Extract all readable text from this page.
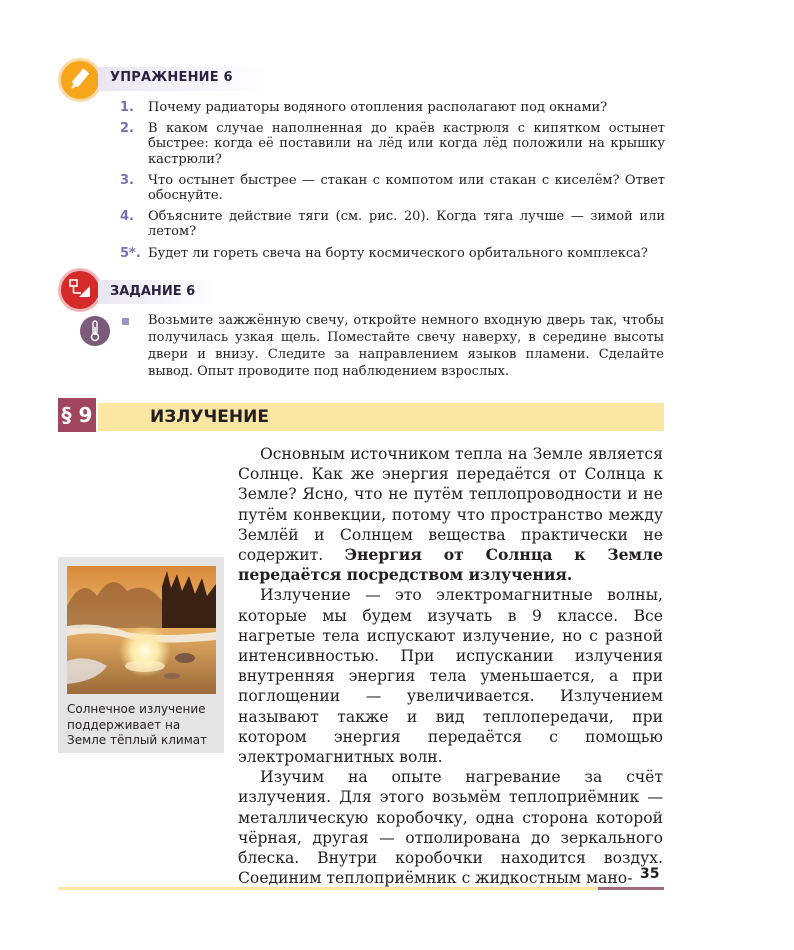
УПРАЖНЕНИЕ 6
1.	Почему радиаторы водяного отопления располагают под окнами?
2.	В каком случае наполненная до краёв кастрюля с кипятком остынет быстрее: когда её поставили на лёд или когда лёд положили на крышку кастрюли?
3.	Что остынет быстрее — стакан с компотом или стакан с киселём? Ответ обоснуйте.
4.	Объясните действие тяги (см. рис. 20). Когда тяга лучше — зимой или летом?
5*. Будет ли гореть свеча на борту космического орбитального комплекса?
ЗАДАНИЕ 6
Возьмите зажжённую свечу, откройте немного входную дверь так, чтобы получилась узкая щель. Поместайте свечу наверху, в середине высоты двери и внизу. Следите за направлением языков пламени. Сделайте вывод. Опыт проводите под наблюдением взрослых.
§ 9	ИЗЛУЧЕНИЕ
Солнечное излучение поддерживает на Земле тёплый климат

Основным источником тепла на Земле является Солнце. Как же энергия передаётся от Солнца к Земле? Ясно, что не путём теплопроводности и не путём конвекции, потому что пространство между Землёй и Солнцем вещества практически не содержит. Энергия от Солнца к Земле передаётся посредством излучения.

Излучение — это электромагнитные волны, которые мы будем изучать в 9 классе. Все нагретые тела испускают излучение, но с разной интенсивностью. При испускании излучения внутренняя энергия тела уменьшается, а при поглощении — увеличивается. Излучением называют также и вид теплопередачи, при котором энергия передаётся с помощью электромагнитных волн.

Изучим на опыте нагревание за счёт излучения. Для этого возьмём теплоприёмник — металлическую коробочку, одна сторона которой чёрная, другая — отполирована до зеркального блеска. Внутри коробочки находится воздух. Соединим теплоприёмник с жидкостным мано- 35
